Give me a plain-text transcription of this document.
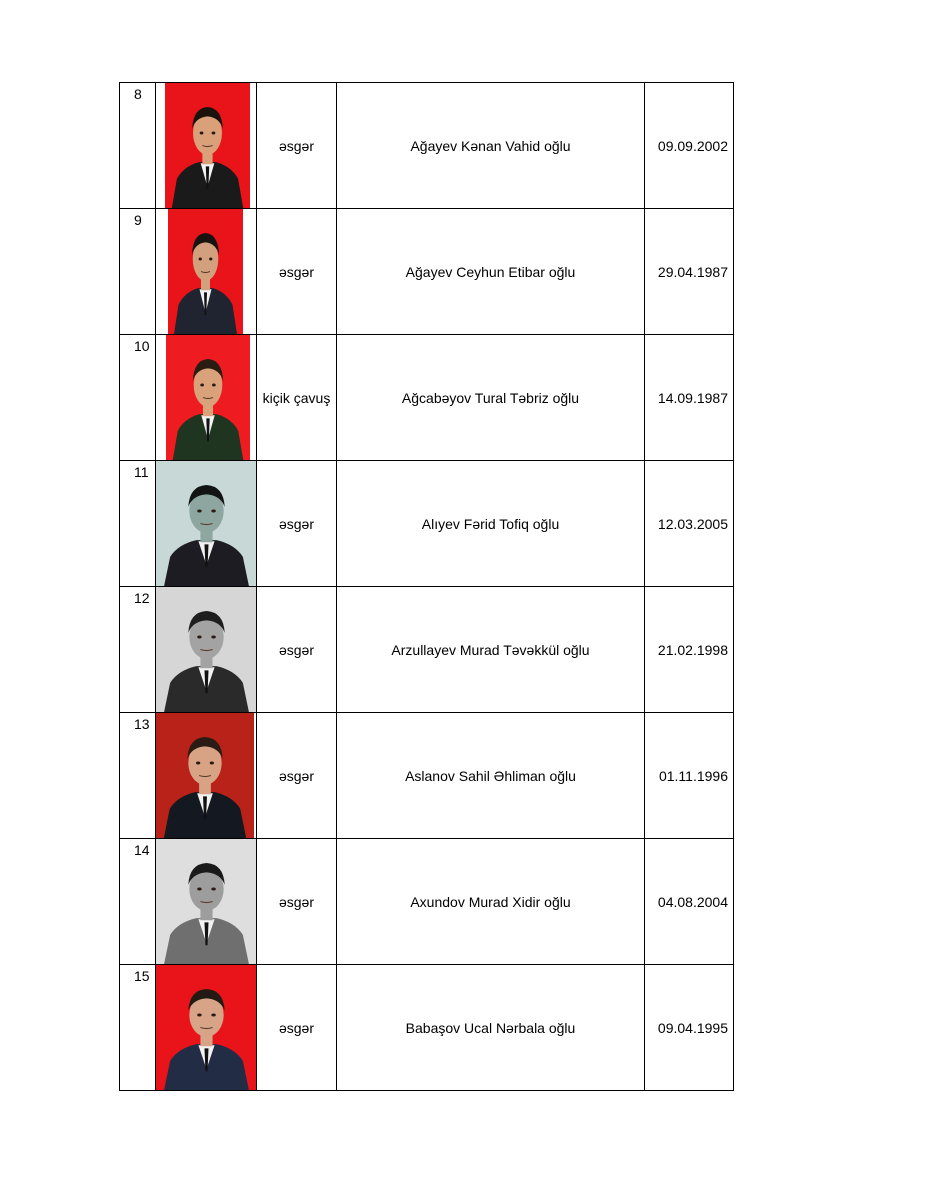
8		əsgər	Ağayev Kənan Vahid oğlu	09.09.2002
9		əsgər	Ağayev Ceyhun Etibar oğlu	29.04.1987
10		kiçik çavuş	Ağcabəyov Tural Təbriz oğlu	14.09.1987
11		əsgər	Alıyev Fərid Tofiq oğlu	12.03.2005
12		əsgər	Arzullayev Murad Təvəkkül oğlu	21.02.1998
13		əsgər	Aslanov Sahil Əhliman oğlu	01.11.1996
14		əsgər	Axundov Murad Xidir oğlu	04.08.2004
15		əsgər	Babaşov Ucal Nərbala oğlu	09.04.1995
